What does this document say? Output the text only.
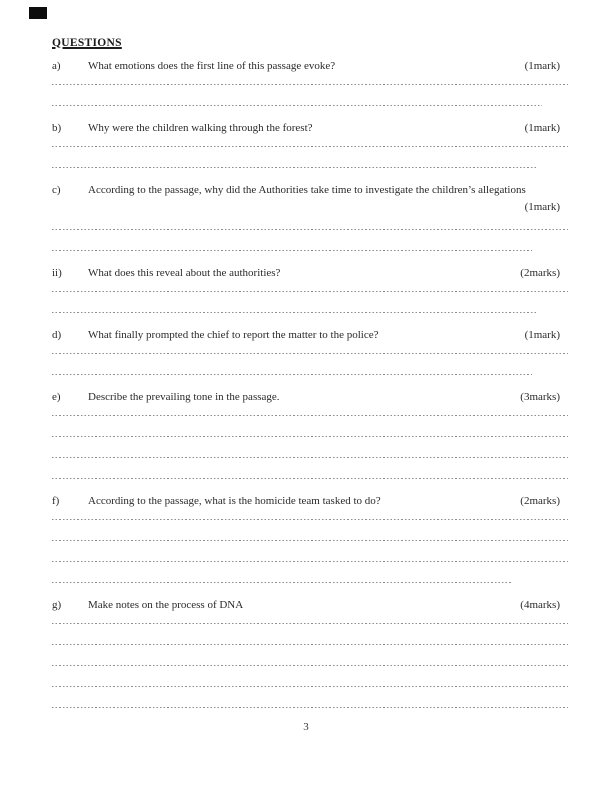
QUESTIONS
a)	What emotions does the first line of this passage evoke?	(1mark)
b)	Why were the children walking through the forest?	(1mark)
c)	According to the passage, why did the Authorities take time to investigate the children’s allegations
(1mark)
ii)	What does this reveal about the authorities?	(2marks)
d)	What finally prompted the chief to report the matter to the police?	(1mark)
e)	Describe the prevailing tone in the passage.	(3marks)
f)	According to the passage, what is the homicide team tasked to do?	(2marks)
g)	Make notes on the process of DNA	(4marks)
3
